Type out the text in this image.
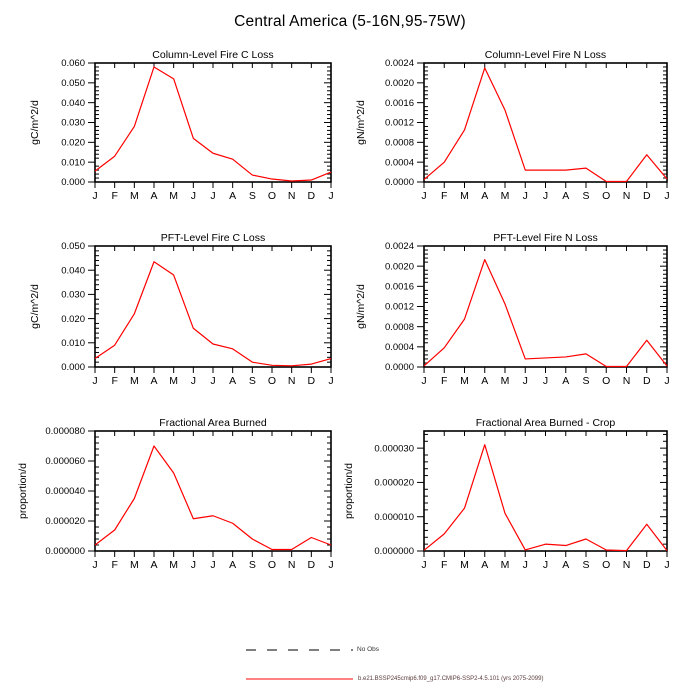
Central America (5-16N,95-75W)
0.000
0.010
0.020
0.030
0.040
0.050
0.060
J F M A M J J A S O N D J
Column-Level Fire C Loss
gC/m^2/d
0.0000
0.0004
0.0008
0.0012
0.0016
0.0020
0.0024
J F M A M J J A S O N D J
Column-Level Fire N Loss
gN/m^2/d
0.000
0.010
0.020
0.030
0.040
0.050
J F M A M J J A S O N D J
PFT-Level Fire C Loss
gC/m^2/d
0.0000
0.0004
0.0008
0.0012
0.0016
0.0020
0.0024
J F M A M J J A S O N D J
PFT-Level Fire N Loss
gN/m^2/d
0.000000
0.000020
0.000040
0.000060
0.000080
J F M A M J J A S O N D J
Fractional Area Burned
proportion/d
0.000000
0.000010
0.000020
0.000030
J F M A M J J A S O N D J
Fractional Area Burned - Crop
proportion/d
No Obs
b.e21.BSSP245cmip6.f09_g17.CMIP6-SSP2-4.5.101 (yrs 2075-2099)
